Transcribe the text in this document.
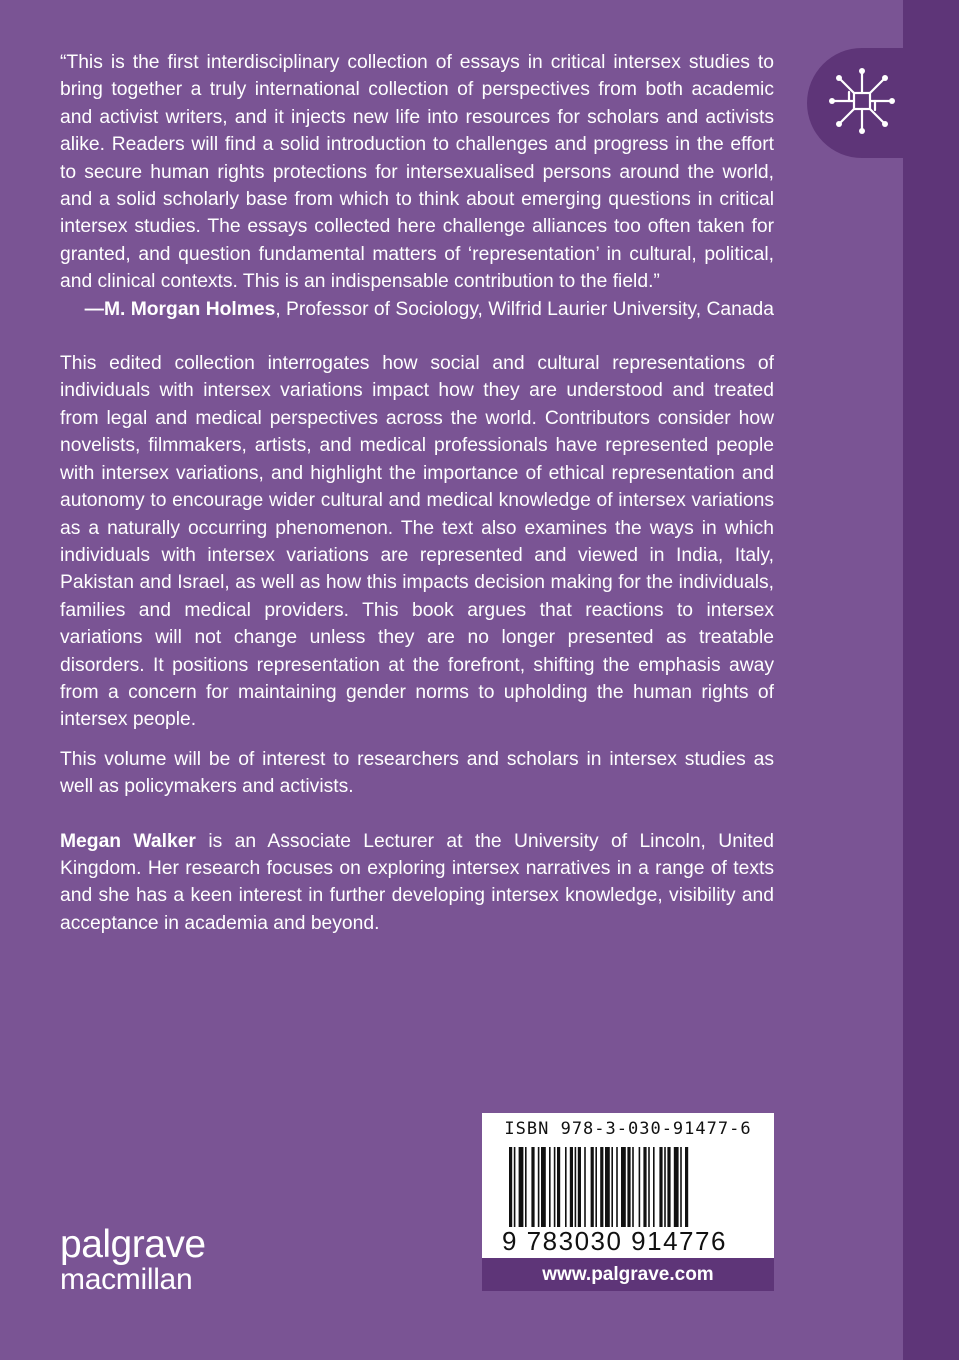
“This is the first interdisciplinary collection of essays in critical intersex studies to bring together a truly international collection of perspectives from both academic and activist writers, and it injects new life into resources for scholars and activists alike. Readers will find a solid introduction to challenges and progress in the effort to secure human rights protections for intersexualised persons around the world, and a solid scholarly base from which to think about emerging questions in critical intersex studies. The essays collected here challenge alliances too often taken for granted, and question fundamental matters of ‘representation’ in cultural, political, and clinical contexts. This is an indispensable contribution to the field.”

—M. Morgan Holmes, Professor of Sociology, Wilfrid Laurier University, Canada

This edited collection interrogates how social and cultural representations of individuals with intersex variations impact how they are understood and treated from legal and medical perspectives across the world. Contributors consider how novelists, filmmakers, artists, and medical professionals have represented people with intersex variations, and highlight the importance of ethical representation and autonomy to encourage wider cultural and medical knowledge of intersex variations as a naturally occurring phenomenon. The text also examines the ways in which individuals with intersex variations are represented and viewed in India, Italy, Pakistan and Israel, as well as how this impacts decision making for the individuals, families and medical providers. This book argues that reactions to intersex variations will not change unless they are no longer presented as treatable disorders. It positions representation at the forefront, shifting the emphasis away from a concern for maintaining gender norms to upholding the human rights of intersex people.

This volume will be of interest to researchers and scholars in intersex studies as well as policymakers and activists.

Megan Walker is an Associate Lecturer at the University of Lincoln, United Kingdom. Her research focuses on exploring intersex narratives in a range of texts and she has a keen interest in further developing intersex knowledge, visibility and acceptance in academia and beyond.

ISBN 978-3-030-91477-6
9 783030 914776
www.palgrave.com
palgrave
macmillan
